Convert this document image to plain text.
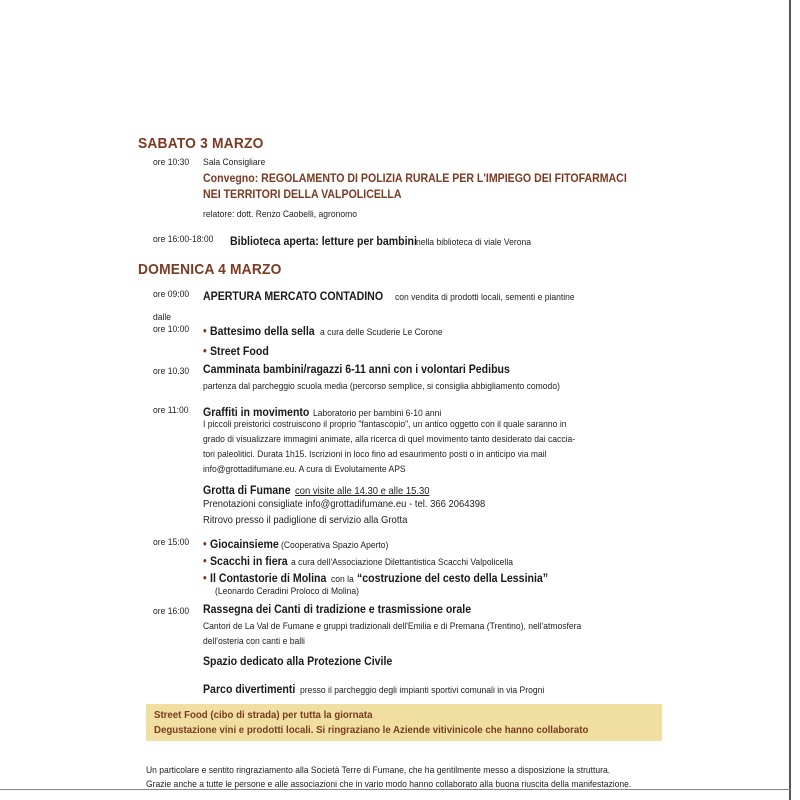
SABATO 3 MARZO
ore 10:30 Sala Consigliare
Convegno: REGOLAMENTO DI POLIZIA RURALE PER L'IMPIEGO DEI FITOFARMACI
NEI TERRITORI DELLA VALPOLICELLA
relatore: dott. Renzo Caobelli, agronomo
ore 16:00-18:00 Biblioteca aperta: letture per bambini nella biblioteca di viale Verona
DOMENICA 4 MARZO
ore 09:00 APERTURA MERCATO CONTADINO con vendita di prodotti locali, sementi e piantine
dalle
ore 10:00 • Battesimo della sella a cura delle Scuderie Le Corone
• Street Food
ore 10.30 Camminata bambini/ragazzi 6-11 anni con i volontari Pedibus
partenza dal parcheggio scuola media (percorso semplice, si consiglia abbigliamento comodo)
ore 11:00 Graffiti in movimento Laboratorio per bambini 6-10 anni
I piccoli preistorici costruiscono il proprio "fantascopio", un antico oggetto con il quale saranno in
grado di visualizzare immagini animate, alla ricerca di quel movimento tanto desiderato dai caccia-
tori paleolitici. Durata 1h15. Iscrizioni in loco fino ad esaurimento posti o in anticipo via mail
info@grottadifumane.eu. A cura di Evolutamente APS
Grotta di Fumane con visite alle 14.30 e alle 15.30
Prenotazioni consigliate info@grottadifumane.eu - tel. 366 2064398
Ritrovo presso il padiglione di servizio alla Grotta
ore 15:00 • Giocainsieme (Cooperativa Spazio Aperto)
• Scacchi in fiera a cura dell'Associazione Dilettantistica Scacchi Valpolicella
• Il Contastorie di Molina con la “costruzione del cesto della Lessinia”
(Leonardo Ceradini Proloco di Molina)
ore 16:00 Rassegna dei Canti di tradizione e trasmissione orale
Cantori de La Val de Fumane e gruppi tradizionali dell'Emilia e di Premana (Trentino), nell'atmosfera
dell'osteria con canti e balli
Spazio dedicato alla Protezione Civile
Parco divertimenti presso il parcheggio degli impianti sportivi comunali in via Progni
Street Food (cibo di strada) per tutta la giornata
Degustazione vini e prodotti locali. Si ringraziano le Aziende vitivinicole che hanno collaborato
Un particolare e sentito ringraziamento alla Società Terre di Fumane, che ha gentilmente messo a disposizione la struttura.
Grazie anche a tutte le persone e alle associazioni che in vario modo hanno collaborato alla buona riuscita della manifestazione.
